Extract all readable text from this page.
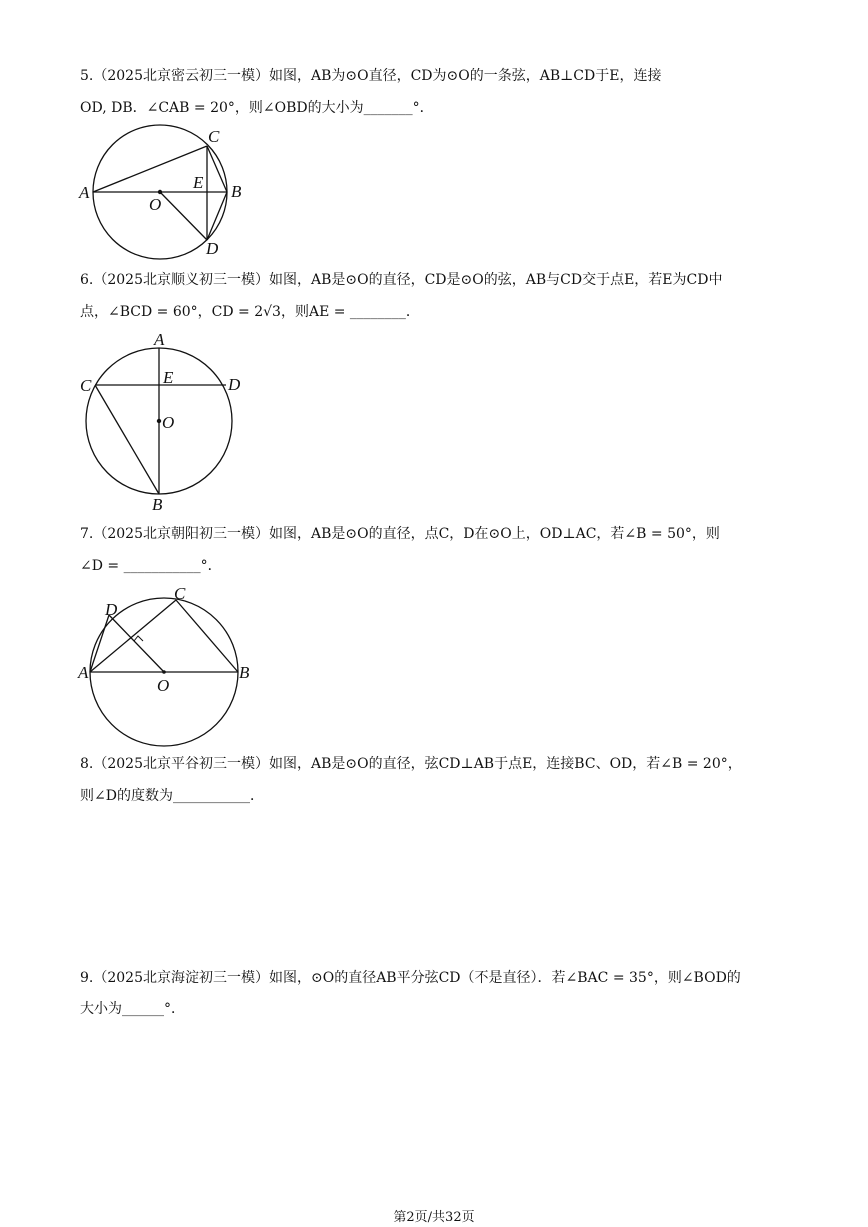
5.（2025北京密云初三一模）如图，AB为⊙O直径，CD为⊙O的一条弦，AB⊥CD于E，连接
OD, DB．∠CAB = 20°，则∠OBD的大小为_______°．
A	B
C
D
E
O
6.（2025北京顺义初三一模）如图，AB是⊙O的直径，CD是⊙O的弦，AB与CD交于点E，若E为CD中
点，∠BCD = 60°，CD = 2√3，则AE = ________．
A
B
C	D
E
O
7.（2025北京朝阳初三一模）如图，AB是⊙O的直径，点C，D在⊙O上，OD⊥AC，若∠B = 50°，则
∠D = ___________°．
D
C
A	B
O
8.（2025北京平谷初三一模）如图，AB是⊙O的直径，弦CD⊥AB于点E，连接BC、OD，若∠B = 20°，
则∠D的度数为___________．
9.（2025北京海淀初三一模）如图，⊙O的直径AB平分弦CD（不是直径）．若∠BAC = 35°，则∠BOD的
大小为______°．
第2页/共32页
